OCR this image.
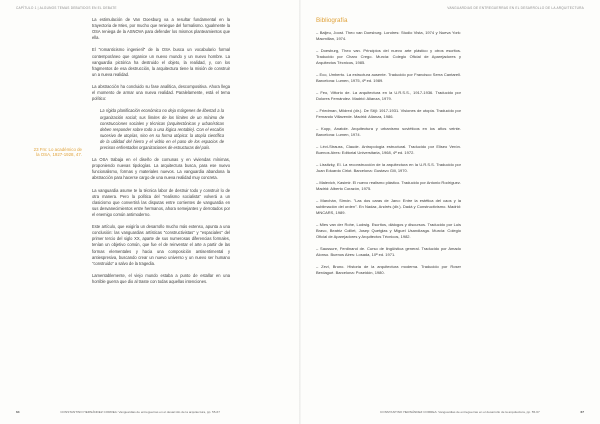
CAPÍTULO 1 | ALGUNOS TEMAS DEBATIDOS EN EL DEBATE
23 Fm: Lo académico de la OSA, 1927-1928, 47.

La estimulación de Van Doesburg va a resultar fundamental en la trayectoria de Mies, por mucho que reniegue del formalismo. Igualmente la OSA reniega de la ASNOVA para defender los mismos planteamientos que ella.

El "romanticismo ingenieril" de la OSA busca un vocabulario formal contemporáneo que organice un nuevo mundo y un nuevo hombre. La vanguardia pictórica ha destruido el objeto, la realidad, y, con los fragmentos de esa destrucción, la arquitectura tiene la misión de construir un a nueva realidad.

La abstracción ha concluido su fase analítica, descompositiva. Ahora llega el momento de armar una nueva realidad. Paralelamente, está el tema político:

La rígida planificación económica no deja márgenes de libertad a la organización social; sus límites de los límites de un mínimo de construcciones sociales y técnicas (arquitectónicas y urbanísticas deben responder sobre todo a una lógica rentable). Con el escalón sucesivo de utopías, sino en su forma utópica: la utopía científica de la utilidad del hierro y el vidrio en el paso de los espacios de precisos enfrentados organizaciones de estructuras del país.

La OSA trabaja en el diseño de comunas y en viviendas mínimas, proponiendo nuevas tipologías. La arquitectura busca, para ese nuevo funcionalismo, formas y materiales nuevos. La vanguardia abandona la abstracción para hacerse cargo de una nueva realidad muy concreta.

La vanguardia asume te la técnica labor de destruir todo y construir lo de otra manera. Pero la política del "realismo socialista" volverá a un clasicismo que convertirá las disputas entre corrientes de vanguardia en sus desvanecimientos entre hermanos, ahora semejantes y derrotados por el enemigo común antimoderno.

Este artículo, que exigiría un desarrollo mucho más extenso, apunta a una conclusión: las vanguardias artísticas "constructivistas" y "espaciales" del primer tercio del siglo XX, aparte de sus numerosas diferencias formales, tenían un objetivo común, que fue el de reinventar el arte a partir de las formas elementales y hacia una composición antisentimental y antiespresiva, buscando crear un nuevo universo y un nuevo ser humano "construido" a salvo de la tragedia.

Lamentablemente, el viejo mundo estaba a punto de estallar en una horrible guerra que dio al traste con todas aquellas intenciones.

64	CONSTANTINO HERNÁNDEZ CORREA: Vanguardias de entreguerras en el desarrollo de la arquitectura, pp. 55-67
VANGUARDIAS DE ENTREGUERRAS EN EL DESARROLLO DE LA ARQUITECTURA
Bibliografía

– Baljeu, Joost. Theo van Doesburg. Londres: Studio Vista, 1974 y Nueva York: Macmillan, 1974.

– Doesburg, Theo van. Principios del nuevo arte plástico y otros escritos. Traducido por Charo Crego. Murcia: Colegio Oficial de Aparejadores y Arquitectos Técnicos, 1985.

– Eco, Umberto. La estructura ausente. Traducido por Francisco Serra Cantarell. Barcelona: Lumen, 1975, 4ª ed. 1989.

– Feo, Vittorio de. La arquitectura en la U.R.S.S., 1917-1936. Traducido por Dolores Fernández. Madrid: Alianza, 1979.

– Friedman, Mildred (dir.). De Stijl: 1917-1931. Visiones de utopía. Traducido por Fernando Villaverde. Madrid: Alianza, 1986.

– Kopp, Anatole. Arquitectura y urbanismo soviéticos en los años veinte. Barcelona: Lumen, 1974.

– Lévi-Strauss, Claude. Antropología estructural. Traducido por Eliseo Verón. Buenos Aires: Editorial Universitaria, 1968, 4ª ed. 1972.

– Lissitzky, El. La reconstrucción de la arquitectura en la U.R.S.S. Traducido por Juan Eduardo Cirlot. Barcelona: Gustavo Gili, 1970.

– Malevich, Kasimir. El nuevo realismo plástico. Traducido por Antonio Rodríguez. Madrid: Alberto Corazón, 1975.

– Marchán, Simón. "Las dos caras de Jano: Entre la estética del caos y la sublimación del orden". En Nadaz, Andrés (dir.). Dadá y Constructivismo. Madrid: MNCARS, 1989.

– Mies van der Rohe, Ludwig. Escritos, diálogos y discursos. Traducido por Luis Bravo, Beatriz Colliet, Josep Quetglas y Miguel Usandizaga. Murcia: Colegio Oficial de Aparejadores y Arquitectos Técnicos, 1982.

– Saussure, Ferdinand de. Curso de lingüística general. Traducido por Amado Alonso. Buenos Aires: Losada, 10ª ed. 1971.

– Zevi, Bruno. Historia de la arquitectura moderna. Traducido por Roser Berdagué. Barcelona: Poseidón, 1980.

CONSTANTINO HERNÁNDEZ CORREA: Vanguardias de entreguerras en el desarrollo de la arquitectura, pp. 55-67	67
